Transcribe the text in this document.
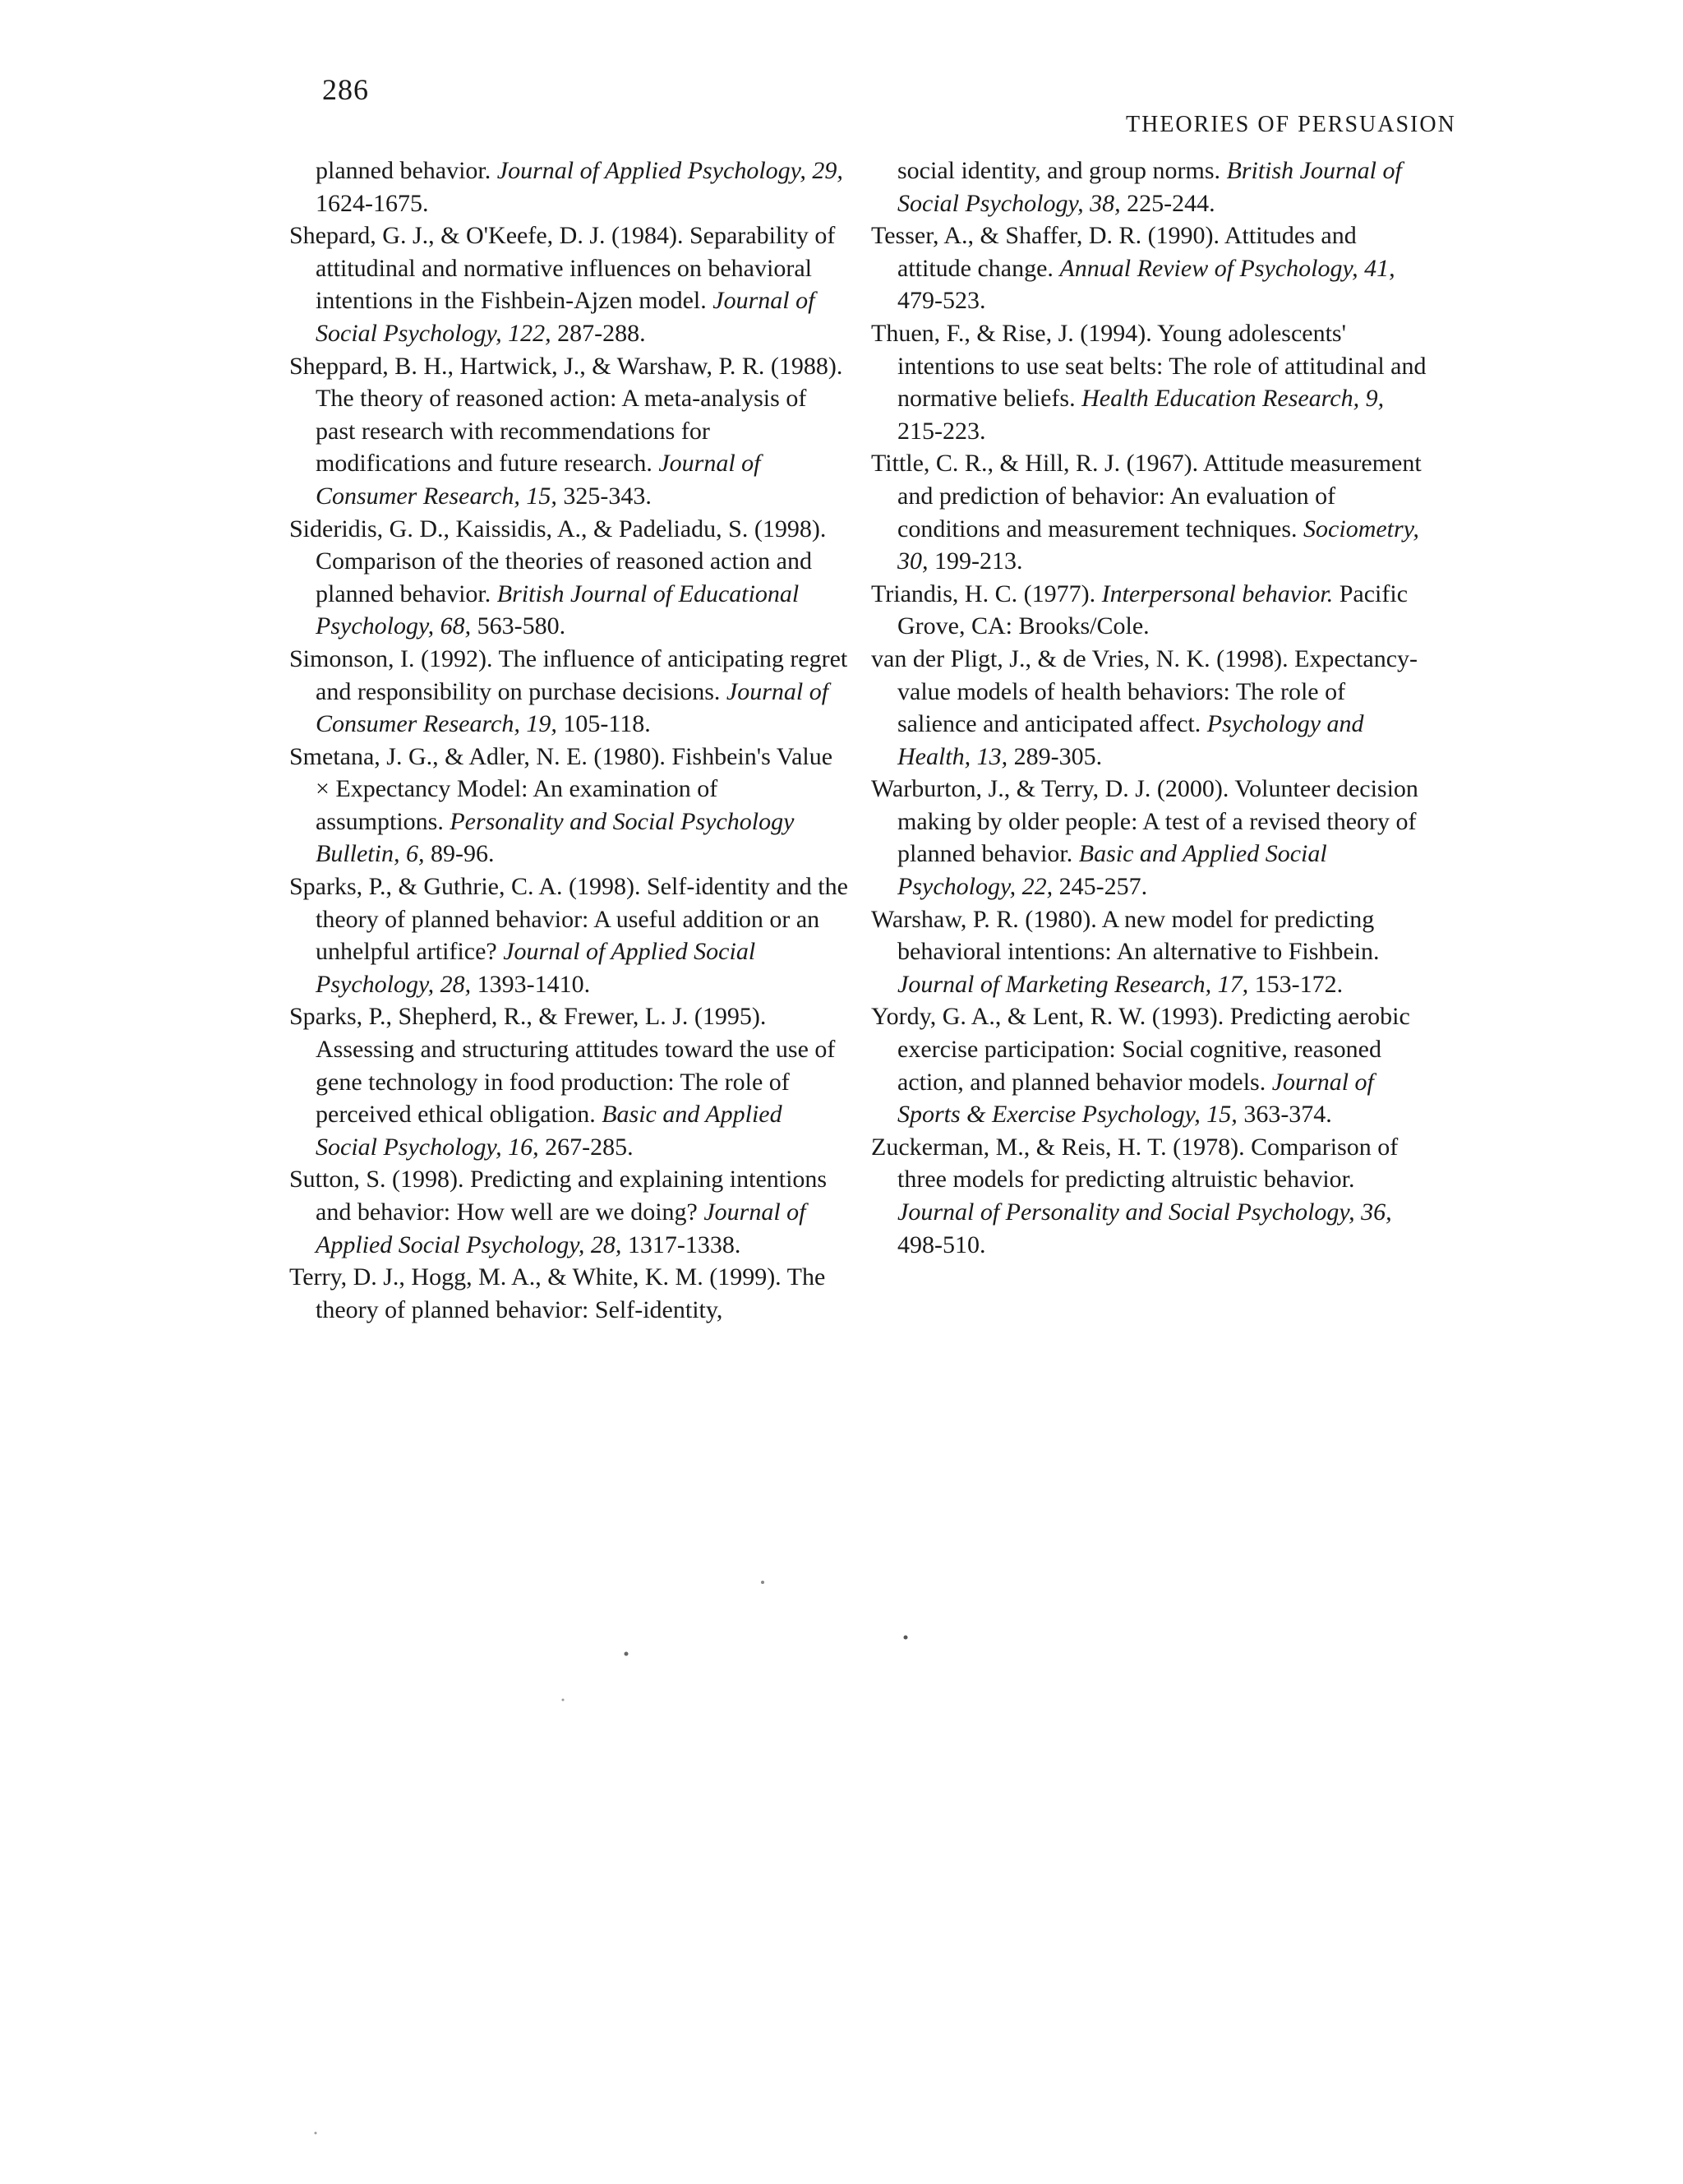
286
THEORIES OF PERSUASION

planned behavior. Journal of Applied Psychology, 29, 1624-1675.

Shepard, G. J., & O'Keefe, D. J. (1984). Separability of attitudinal and normative influences on behavioral intentions in the Fishbein-Ajzen model. Journal of Social Psychology, 122, 287-288.

Sheppard, B. H., Hartwick, J., & Warshaw, P. R. (1988). The theory of reasoned action: A meta-analysis of past research with recommendations for modifications and future research. Journal of Consumer Research, 15, 325-343.

Sideridis, G. D., Kaissidis, A., & Padeliadu, S. (1998). Comparison of the theories of reasoned action and planned behavior. British Journal of Educational Psychology, 68, 563-580.

Simonson, I. (1992). The influence of anticipating regret and responsibility on purchase decisions. Journal of Consumer Research, 19, 105-118.

Smetana, J. G., & Adler, N. E. (1980). Fishbein's Value × Expectancy Model: An examination of assumptions. Personality and Social Psychology Bulletin, 6, 89-96.

Sparks, P., & Guthrie, C. A. (1998). Self-identity and the theory of planned behavior: A useful addition or an unhelpful artifice? Journal of Applied Social Psychology, 28, 1393-1410.

Sparks, P., Shepherd, R., & Frewer, L. J. (1995). Assessing and structuring attitudes toward the use of gene technology in food production: The role of perceived ethical obligation. Basic and Applied Social Psychology, 16, 267-285.

Sutton, S. (1998). Predicting and explaining intentions and behavior: How well are we doing? Journal of Applied Social Psychology, 28, 1317-1338.

Terry, D. J., Hogg, M. A., & White, K. M. (1999). The theory of planned behavior: Self-identity,

social identity, and group norms. British Journal of Social Psychology, 38, 225-244.

Tesser, A., & Shaffer, D. R. (1990). Attitudes and attitude change. Annual Review of Psychology, 41, 479-523.

Thuen, F., & Rise, J. (1994). Young adolescents' intentions to use seat belts: The role of attitudinal and normative beliefs. Health Education Research, 9, 215-223.

Tittle, C. R., & Hill, R. J. (1967). Attitude measurement and prediction of behavior: An evaluation of conditions and measurement techniques. Sociometry, 30, 199-213.

Triandis, H. C. (1977). Interpersonal behavior. Pacific Grove, CA: Brooks/Cole.

van der Pligt, J., & de Vries, N. K. (1998). Expectancy-value models of health behaviors: The role of salience and anticipated affect. Psychology and Health, 13, 289-305.

Warburton, J., & Terry, D. J. (2000). Volunteer decision making by older people: A test of a revised theory of planned behavior. Basic and Applied Social Psychology, 22, 245-257.

Warshaw, P. R. (1980). A new model for predicting behavioral intentions: An alternative to Fishbein. Journal of Marketing Research, 17, 153-172.

Yordy, G. A., & Lent, R. W. (1993). Predicting aerobic exercise participation: Social cognitive, reasoned action, and planned behavior models. Journal of Sports & Exercise Psychology, 15, 363-374.

Zuckerman, M., & Reis, H. T. (1978). Comparison of three models for predicting altruistic behavior. Journal of Personality and Social Psychology, 36, 498-510.
